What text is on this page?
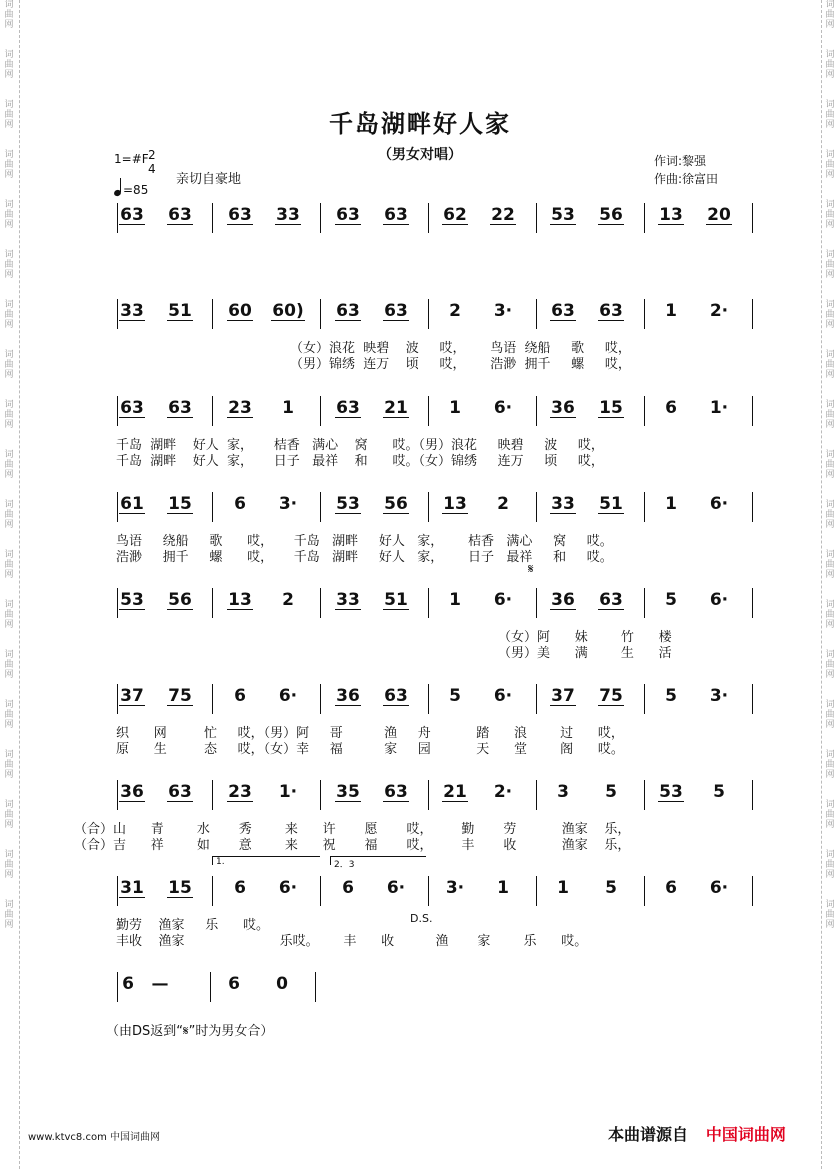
词
曲
网

词
曲
网

词
曲
网

词
曲
网

词
曲
网

词
曲
网

词
曲
网

词
曲
网

词
曲
网

词
曲
网

词
曲
网

词
曲
网

词
曲
网

词
曲
网

词
曲
网

词
曲
网

词
曲
网

词
曲
网

词
曲
网

词
曲
网

词
曲
网

词
曲
网

词
曲
网

词
曲
网

词
曲
网

词
曲
网

词
曲
网

词
曲
网

词
曲
网

词
曲
网

词
曲
网

词
曲
网

词
曲
网

词
曲
网

词
曲
网

词
曲
网

词
曲
网

词
曲
网

千岛湖畔好人家
（男女对唱）
1=#F 2
4
=85
亲切自豪地
作词:黎强
作曲:徐富田
63	63	63	33	63	63	62	22	53	56	13	20
33	51	60	60)	63	63	2	3·	63	63	1	2·
（女）浪花  映碧    波     哎，      鸟语  绕船     歌     哎，
（男）锦绣  连万    顷     哎，      浩渺  拥千     螺     哎，
63	63	23	1	63	21	1	6·	36	15	6	1·
千岛  湖畔    好人  家，     桔香   满心    窝      哎。（男）浪花     映碧     波     哎，
千岛  湖畔    好人  家，     日子   最祥    和      哎。（女）锦绣     连万     顷     哎，
61	15	6	3·	53	56	13	2	33	51	1	6·
鸟语     绕船     歌      哎，     千岛   湖畔     好人   家，      桔香   满心     窝     哎。
浩渺     拥千     螺      哎，     千岛   湖畔     好人   家，      日子   最祥     和     哎。
53	56	13	2	33	51	1	6·	36	63	5	6·
（女）阿      妹        竹      楼
（男）美      满        生      活
37	75	6	6·	36	63	5	6·	37	75	5	3·
织      网         忙     哎，（男）阿     哥          渔     舟           踏      浪        过      哎，
原      生         态     哎，（女）幸     福          家     园           天      堂        阁      哎。
36	63	23	1·	35	63	21	2·	3	5	53	5
（合）山      青        水       秀        来      许       愿       哎，       勤       劳           渔家    乐，
（合）吉      祥        如       意        来      祝       福       哎，       丰       收           渔家    乐，
31	15	6	6·	6	6·	3·	1	1	5	6	6·
勤劳    渔家     乐      哎。
丰收    渔家                       乐哎。      丰      收          渔       家        乐      哎。
1.	2．3
D.S.
6	—	6	0
𝄋
（由DS返到“𝄋”时为男女合）
www.ktvc8.com 中国词曲网	本曲谱源自 中国词曲网
